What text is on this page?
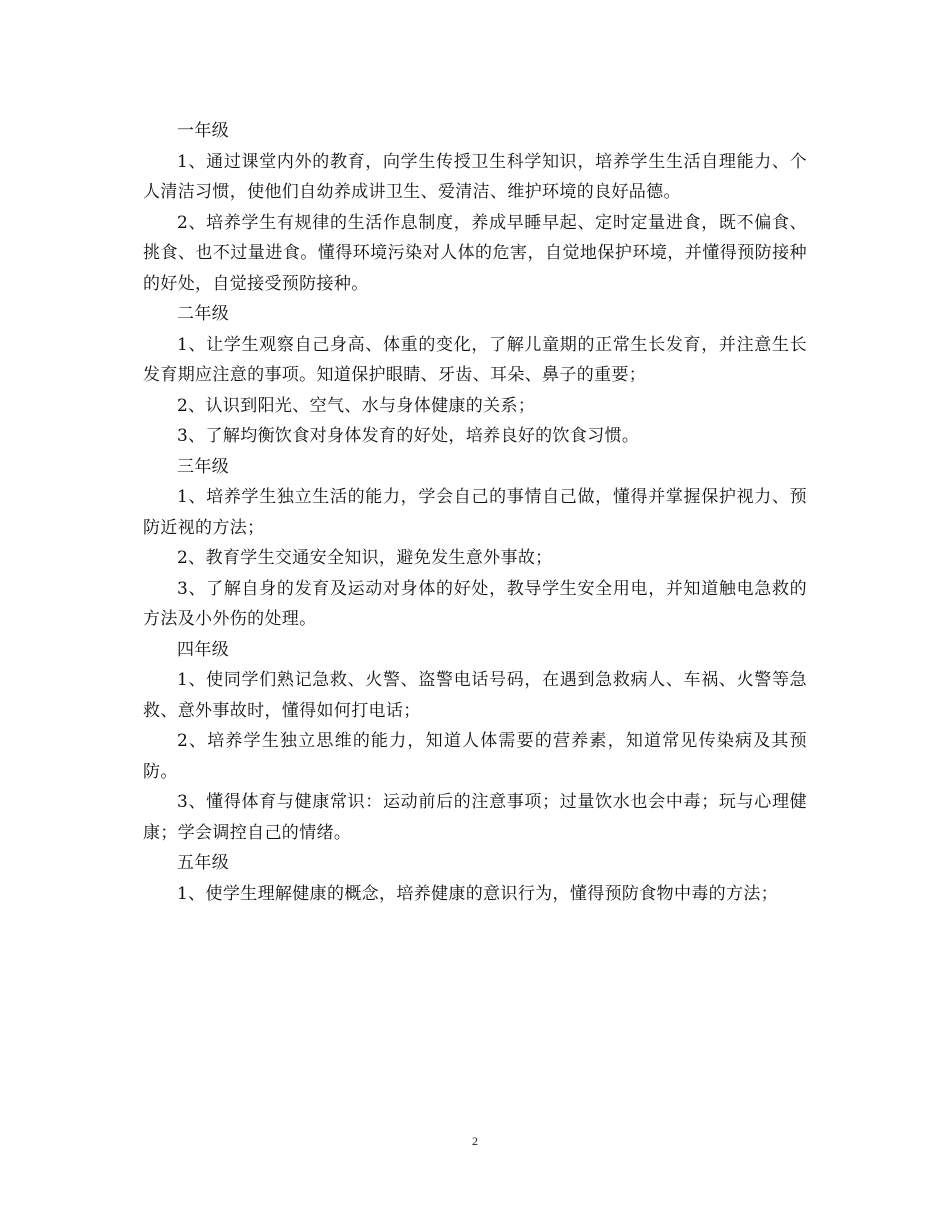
一年级

1、通过课堂内外的教育，向学生传授卫生科学知识，培养学生生活自理能力、个人清洁习惯，使他们自幼养成讲卫生、爱清洁、维护环境的良好品德。

2、培养学生有规律的生活作息制度，养成早睡早起、定时定量进食，既不偏食、挑食、也不过量进食。懂得环境污染对人体的危害，自觉地保护环境，并懂得预防接种的好处，自觉接受预防接种。

二年级

1、让学生观察自己身高、体重的变化，了解儿童期的正常生长发育，并注意生长发育期应注意的事项。知道保护眼睛、牙齿、耳朵、鼻子的重要；

2、认识到阳光、空气、水与身体健康的关系；

3、了解均衡饮食对身体发育的好处，培养良好的饮食习惯。

三年级

1、培养学生独立生活的能力，学会自己的事情自己做，懂得并掌握保护视力、预防近视的方法；

2、教育学生交通安全知识，避免发生意外事故；

3、了解自身的发育及运动对身体的好处，教导学生安全用电，并知道触电急救的方法及小外伤的处理。

四年级

1、使同学们熟记急救、火警、盗警电话号码，在遇到急救病人、车祸、火警等急救、意外事故时，懂得如何打电话；

2、培养学生独立思维的能力，知道人体需要的营养素，知道常见传染病及其预防。

3、懂得体育与健康常识：运动前后的注意事项；过量饮水也会中毒；玩与心理健康；学会调控自己的情绪。

五年级

1、使学生理解健康的概念，培养健康的意识行为，懂得预防食物中毒的方法；

2
